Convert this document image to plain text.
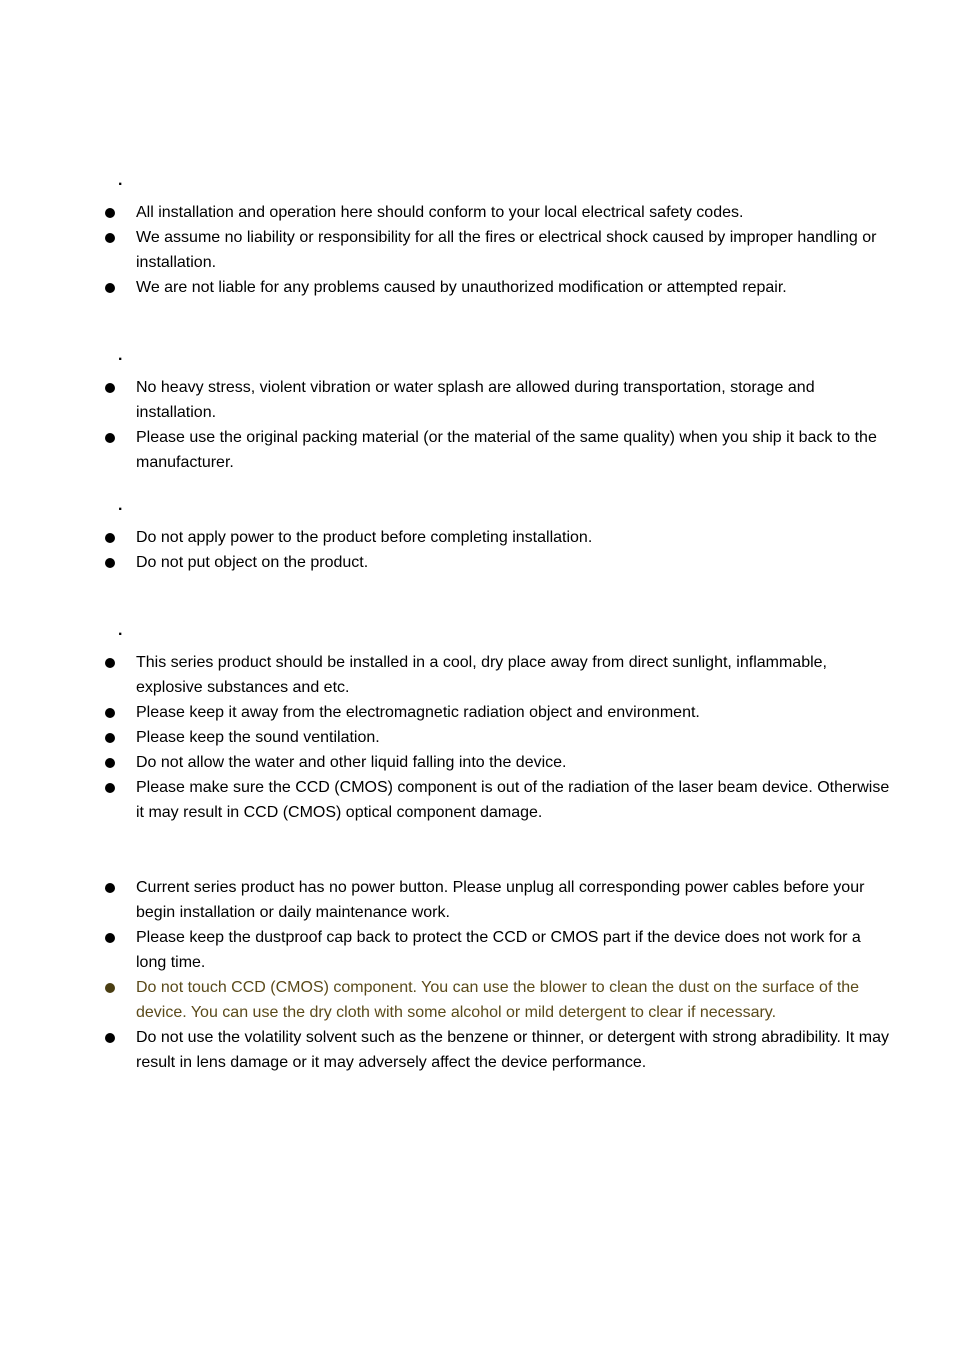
.
All installation and operation here should conform to your local electrical safety codes.
We assume no liability or responsibility for all the fires or electrical shock caused by improper handling or installation.
We are not liable for any problems caused by unauthorized modification or attempted repair.
.
No heavy stress, violent vibration or water splash are allowed during transportation, storage and installation.
Please use the original packing material (or the material of the same quality) when you ship it back to the manufacturer.
.
Do not apply power to the product before completing installation.
Do not put object on the product.
.
This series product should be installed in a cool, dry place away from direct sunlight, inflammable, explosive substances and etc.
Please keep it away from the electromagnetic radiation object and environment.
Please keep the sound ventilation.
Do not allow the water and other liquid falling into the device.
Please make sure the CCD (CMOS) component is out of the radiation of the laser beam device. Otherwise it may result in CCD (CMOS) optical component damage.
Current series product has no power button. Please unplug all corresponding power cables before your begin installation or daily maintenance work.
Please keep the dustproof cap back to protect the CCD or CMOS part if the device does not work for a long time.
Do not touch CCD (CMOS) component. You can use the blower to clean the dust on the surface of the device. You can use the dry cloth with some alcohol or mild detergent to clear if necessary.
Do not use the volatility solvent such as the benzene or thinner, or detergent with strong abradibility. It may result in lens damage or it may adversely affect the device performance.
